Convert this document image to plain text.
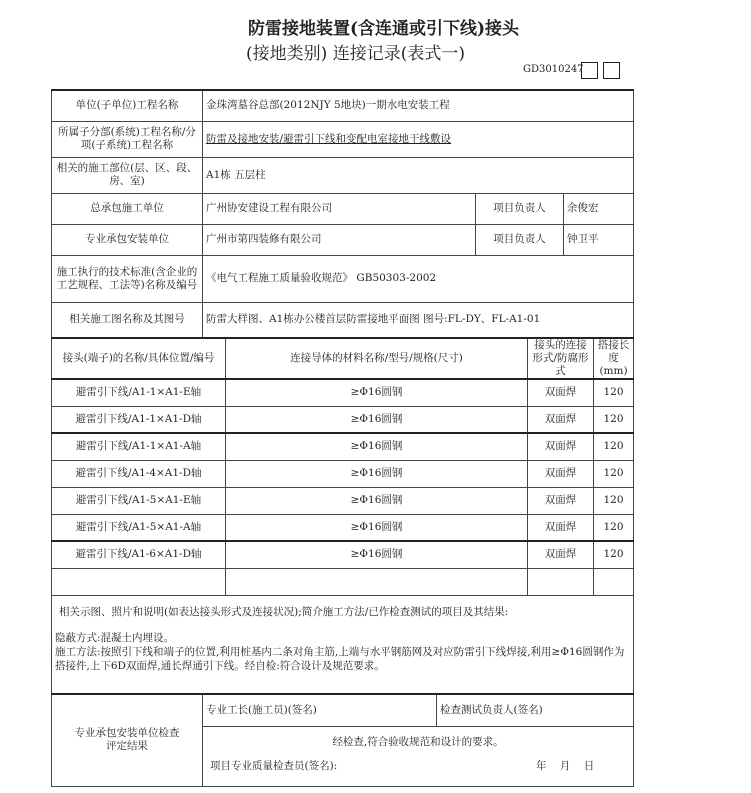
防雷接地装置(含连通或引下线)接头
(接地类别) 连接记录(表式一)
GD3010247
单位(子单位)工程名称	金珠湾墓谷总部(2012NJY 5地块)一期水电安装工程						
所属子分部(系统)工程名称/分项(子系统)工程名称	防雷及接地安装/避雷引下线和变配电室接地干线敷设						
相关的施工部位(层、区、段、房、室)	A1栋 五层柱						
总承包施工单位	广州协安建设工程有限公司			项目负责人		余俊宏	
专业承包安装单位	广州市第四装修有限公司			项目负责人		钟卫平	
施工执行的技术标准(含企业的工艺规程、工法等)名称及编号	《电气工程施工质量验收规范》 GB50303-2002						
相关施工图名称及其图号	防雷大样图、A1栋办公楼首层防雷接地平面图 图号:FL-DY、FL-A1-01						
接头(端子)的名称/具体位置/编号		连接导体的材料名称/型号/规格(尺寸)			接头的连接形式/防腐形式		搭接长度(mm)
避雷引下线/A1-1×A1-E轴		≥Φ16圆钢			双面焊		120
避雷引下线/A1-1×A1-D轴		≥Φ16圆钢			双面焊		120
避雷引下线/A1-1×A1-A轴		≥Φ16圆钢			双面焊		120
避雷引下线/A1-4×A1-D轴		≥Φ16圆钢			双面焊		120
避雷引下线/A1-5×A1-E轴		≥Φ16圆钢			双面焊		120
避雷引下线/A1-5×A1-A轴		≥Φ16圆钢			双面焊		120
避雷引下线/A1-6×A1-D轴		≥Φ16圆钢			双面焊		120

相关示图、照片和说明(如表达接头形式及连接状况);简介施工方法/已作检查测试的项目及其结果:
隐蔽方式:混凝土内埋设。
施工方法:按照引下线和端子的位置,利用桩基内二条对角主筋,上端与水平钢筋网及对应防雷引下线焊接,利用≥Φ16圆钢作为搭接件,上下6D双面焊,通长焊通引下线。经自检:符合设计及规范要求。							

专业承包安装单位检查评定结果	专业工长(施工员)(签名)		检查测试负责人(签名)				

	经检查,符合验收规范和设计的要求。
项目专业质量检查员(签名): 年    月    日						
